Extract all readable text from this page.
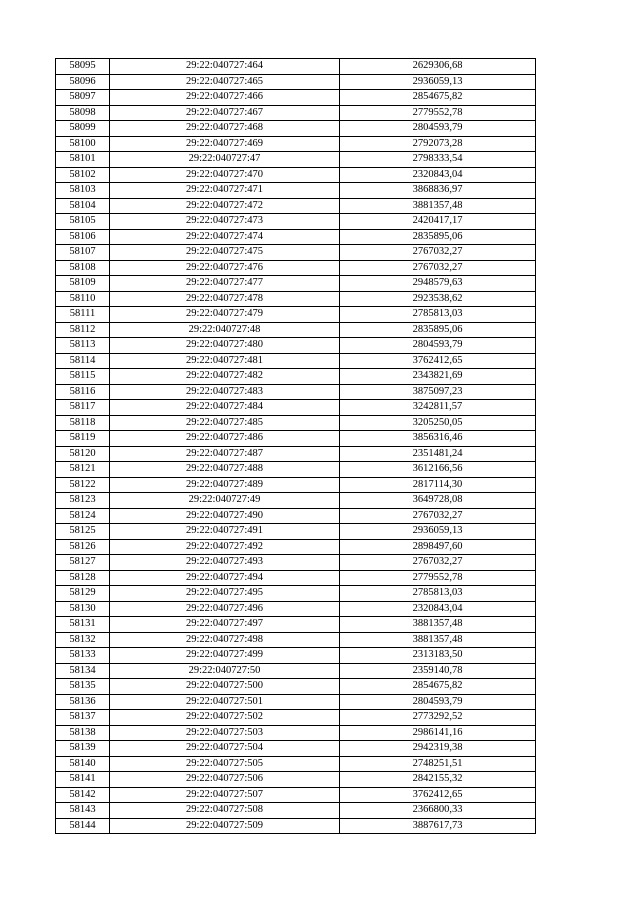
58095	29:22:040727:464	2629306,68
58096	29:22:040727:465	2936059,13
58097	29:22:040727:466	2854675,82
58098	29:22:040727:467	2779552,78
58099	29:22:040727:468	2804593,79
58100	29:22:040727:469	2792073,28
58101	29:22:040727:47	2798333,54
58102	29:22:040727:470	2320843,04
58103	29:22:040727:471	3868836,97
58104	29:22:040727:472	3881357,48
58105	29:22:040727:473	2420417,17
58106	29:22:040727:474	2835895,06
58107	29:22:040727:475	2767032,27
58108	29:22:040727:476	2767032,27
58109	29:22:040727:477	2948579,63
58110	29:22:040727:478	2923538,62
58111	29:22:040727:479	2785813,03
58112	29:22:040727:48	2835895,06
58113	29:22:040727:480	2804593,79
58114	29:22:040727:481	3762412,65
58115	29:22:040727:482	2343821,69
58116	29:22:040727:483	3875097,23
58117	29:22:040727:484	3242811,57
58118	29:22:040727:485	3205250,05
58119	29:22:040727:486	3856316,46
58120	29:22:040727:487	2351481,24
58121	29:22:040727:488	3612166,56
58122	29:22:040727:489	2817114,30
58123	29:22:040727:49	3649728,08
58124	29:22:040727:490	2767032,27
58125	29:22:040727:491	2936059,13
58126	29:22:040727:492	2898497,60
58127	29:22:040727:493	2767032,27
58128	29:22:040727:494	2779552,78
58129	29:22:040727:495	2785813,03
58130	29:22:040727:496	2320843,04
58131	29:22:040727:497	3881357,48
58132	29:22:040727:498	3881357,48
58133	29:22:040727:499	2313183,50
58134	29:22:040727:50	2359140,78
58135	29:22:040727:500	2854675,82
58136	29:22:040727:501	2804593,79
58137	29:22:040727:502	2773292,52
58138	29:22:040727:503	2986141,16
58139	29:22:040727:504	2942319,38
58140	29:22:040727:505	2748251,51
58141	29:22:040727:506	2842155,32
58142	29:22:040727:507	3762412,65
58143	29:22:040727:508	2366800,33
58144	29:22:040727:509	3887617,73
